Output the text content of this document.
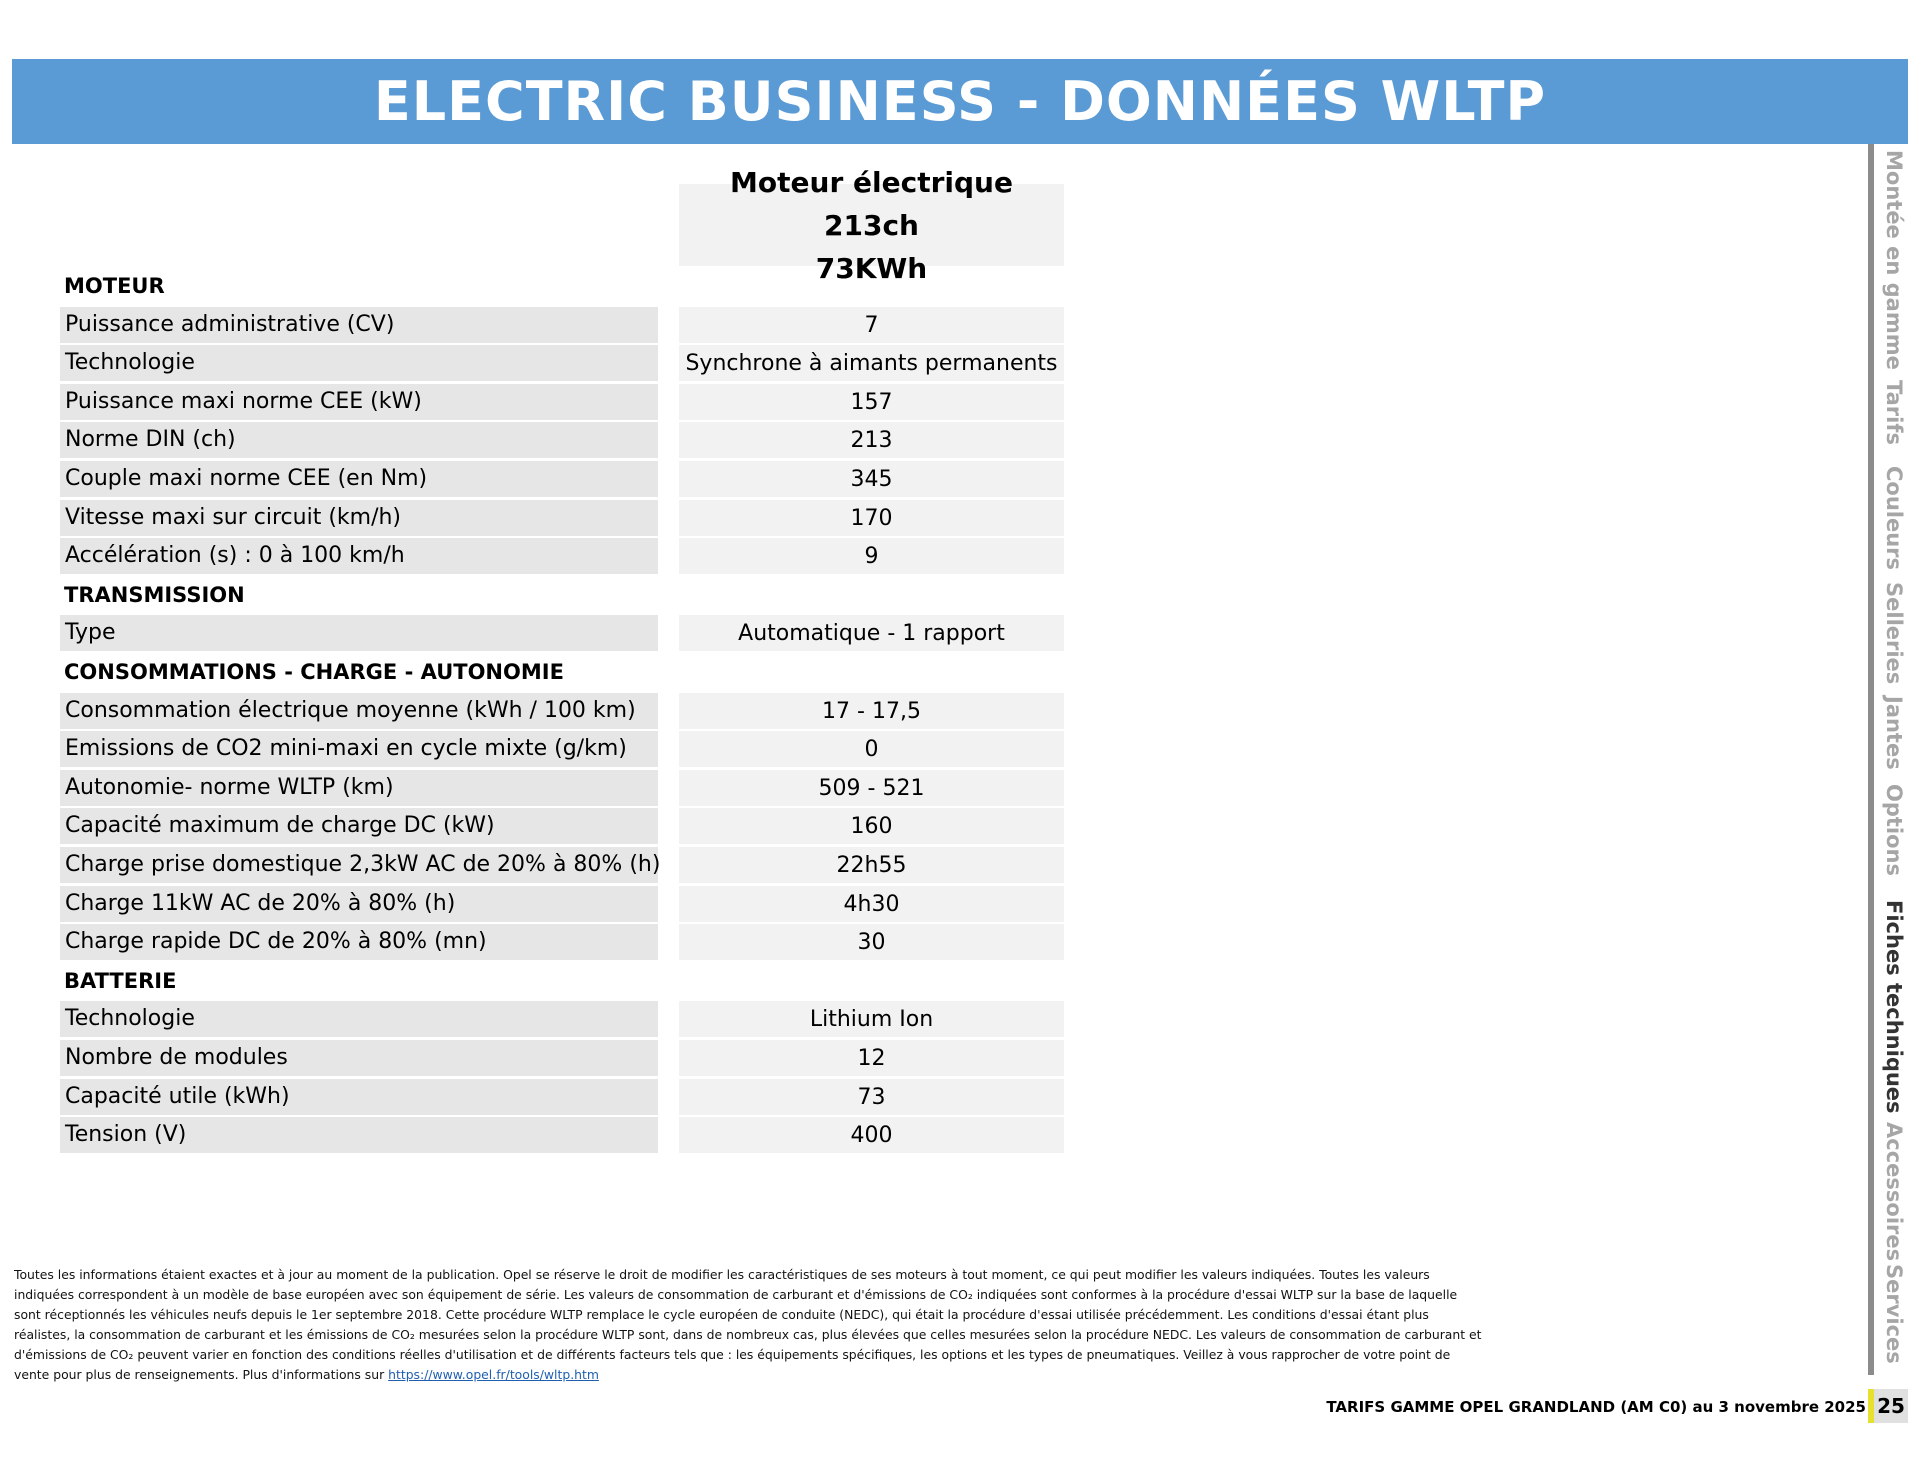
ELECTRIC BUSINESS - DONNÉES WLTP
Moteur électrique 213ch
73KWh
MOTEUR
Puissance administrative (CV)	7
Technologie	Synchrone à aimants permanents
Puissance maxi norme CEE (kW)	157
Norme DIN (ch)	213
Couple maxi norme CEE (en Nm)	345
Vitesse maxi sur circuit (km/h)	170
Accélération (s) : 0 à 100 km/h	9
TRANSMISSION
Type	Automatique - 1 rapport
CONSOMMATIONS - CHARGE - AUTONOMIE
Consommation électrique moyenne (kWh / 100 km)	17 - 17,5
Emissions de CO2 mini-maxi en cycle mixte (g/km)	0
Autonomie- norme WLTP (km)	509 - 521
Capacité maximum de charge DC (kW)	160
Charge prise domestique 2,3kW AC de 20% à 80% (h)	22h55
Charge 11kW AC de 20% à 80% (h)	4h30
Charge rapide DC de 20% à 80% (mn)	30
BATTERIE
Technologie	Lithium Ion
Nombre de modules	12
Capacité utile (kWh)	73
Tension (V)	400
Montée en gamme
Tarifs
Couleurs
Selleries
Jantes
Options
Fiches techniques
Accessoires
Services
Toutes les informations étaient exactes et à jour au moment de la publication. Opel se réserve le droit de modifier les caractéristiques de ses moteurs à tout moment, ce qui peut modifier les valeurs indiquées. Toutes les valeurs indiquées correspondent à un modèle de base européen avec son équipement de série. Les valeurs de consommation de carburant et d'émissions de CO₂ indiquées sont conformes à la procédure d'essai WLTP sur la base de laquelle sont réceptionnés les véhicules neufs depuis le 1er septembre 2018. Cette procédure WLTP remplace le cycle européen de conduite (NEDC), qui était la procédure d'essai utilisée précédemment. Les conditions d'essai étant plus réalistes, la consommation de carburant et les émissions de CO₂ mesurées selon la procédure WLTP sont, dans de nombreux cas, plus élevées que celles mesurées selon la procédure NEDC. Les valeurs de consommation de carburant et d'émissions de CO₂ peuvent varier en fonction des conditions réelles d'utilisation et de différents facteurs tels que : les équipements spécifiques, les options et les types de pneumatiques. Veillez à vous rapprocher de votre point de vente pour plus de renseignements. Plus d'informations sur https://www.opel.fr/tools/wltp.htm
TARIFS GAMME OPEL GRANDLAND (AM C0) au 3 novembre 2025 25
